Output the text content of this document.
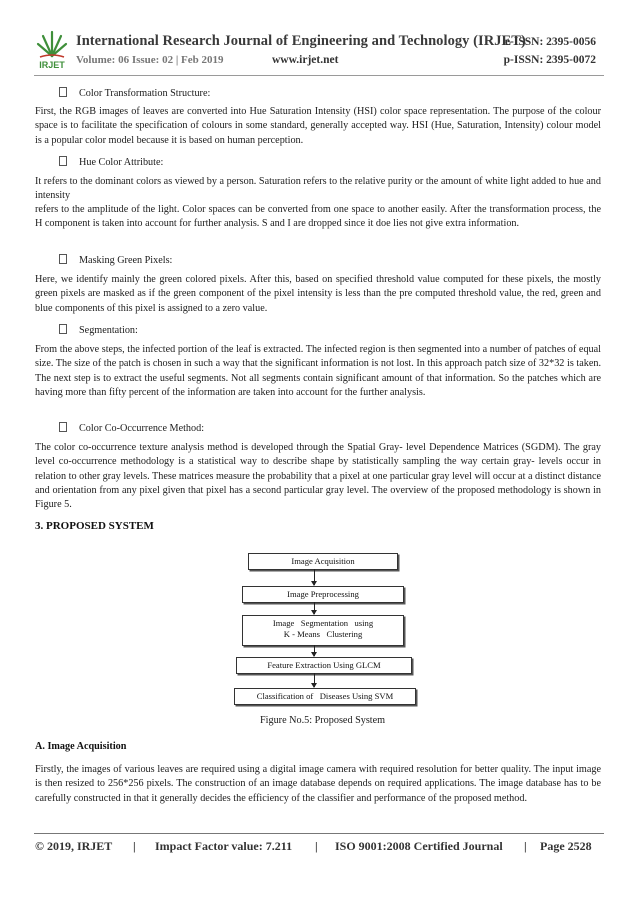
IRJET
International Research Journal of Engineering and Technology (IRJET)
e-ISSN: 2395-0056
Volume: 06 Issue: 02 | Feb 2019	www.irjet.net	p-ISSN: 2395-0072
Color Transformation Structure:
First, the RGB images of leaves are converted into Hue Saturation Intensity (HSI) color space representation. The purpose of the colour space is to facilitate the specification of colours in some standard, generally accepted way. HSI (Hue, Saturation, Intensity) colour model is a popular color model because it is based on human perception.
Hue Color Attribute:
It refers to the dominant colors as viewed by a person. Saturation refers to the relative purity or the amount of white light added to hue and intensity
refers to the amplitude of the light. Color spaces can be converted from one space to another easily. After the transformation process, the H component is taken into account for further analysis. S and I are dropped since it doe lies not give extra information.
Masking Green Pixels:
Here, we identify mainly the green colored pixels. After this, based on specified threshold value computed for these pixels, the mostly green pixels are masked as if the green component of the pixel intensity is less than the pre computed threshold value, the red, green and blue components of this pixel is assigned to a zero value.
Segmentation:
From the above steps, the infected portion of the leaf is extracted. The infected region is then segmented into a number of patches of equal size. The size of the patch is chosen in such a way that the significant information is not lost. In this approach patch size of 32*32 is taken. The next step is to extract the useful segments. Not all segments contain significant amount of that information. So the patches which are having more than fifty percent of the information are taken into account for the further analysis.
Color Co-Occurrence Method:
The color co-occurrence texture analysis method is developed through the Spatial Gray- level Dependence Matrices (SGDM). The gray level co-occurrence methodology is a statistical way to describe shape by statistically sampling the way certain gray- levels occur in relation to other gray levels. These matrices measure the probability that a pixel at one particular gray level will occur at a distinct distance and orientation from any pixel given that pixel has a second particular gray level. The overview of the proposed methodology is shown in Figure 5.
3. PROPOSED SYSTEM
Image Acquisition
Image Preprocessing
Image   Segmentation   using
K - Means   Clustering
Feature Extraction Using GLCM
Classification of   Diseases Using SVM
Figure No.5: Proposed System
A. Image Acquisition
Firstly, the images of various leaves are required using a digital image camera with required resolution for better quality. The input image is then resized to 256*256 pixels. The construction of an image database depends on required applications. The image database has to be carefully constructed in that it generally decides the efficiency of the classifier and performance of the proposed method.
© 2019, IRJET | Impact Factor value: 7.211 | ISO 9001:2008 Certified Journal | Page 2528
